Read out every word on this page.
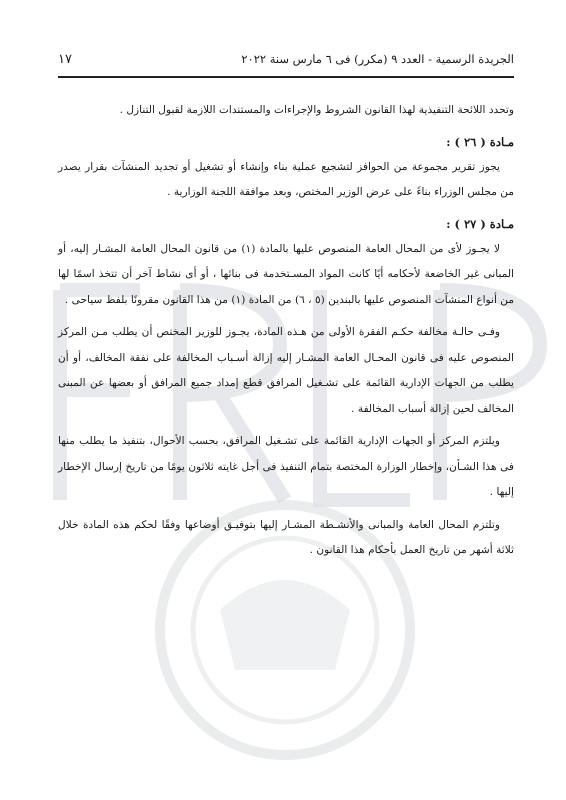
الجريدة الرسمية - العدد ٩ (مكرر) فى ٦ مارس سنة ٢٠٢٢
١٧

وتحدد اللائحة التنفيذية لهذا القانون الشروط والإجراءات والمستندات اللازمة لقبول التنازل .

مـادة ( ٢٦ ) :

يجوز تقرير مجموعة من الحوافز لتشجيع عملية بناء وإنشاء أو تشغيل أو تجديد المنشآت بقرار يصدر من مجلس الوزراء بناءً على عرض الوزير المختص، وبعد موافقة اللجنة الوزارية .

مـادة ( ٢٧ ) :

لا يجـوز لأى من المحال العامة المنصوص عليها بالمادة (١) من قانون المحال العامة المشـار إليه، أو المبانى غير الخاضعة لأحكامه أيًا كانت المواد المسـتخدمة فى بنائها ، أو أى نشاط آخر أن تتخذ اسمًا لها من أنواع المنشآت المنصوص عليها بالبندين (٥ ، ٦) من المادة (١) من هذا القانون مقرونًا بلفظ سياحى .

وفـى حالـة مخالفة حكـم الفقرة الأولى من هـذه المادة، يجـوز للوزير المختص أن يطلب مـن المركز المنصوص عليه فى قانون المحـال العامة المشـار إليه إزالة أسـباب المخالفة على نفقة المخالف، أو أن يطلب من الجهات الإدارية القائمة على تشـغيل المرافق قطع إمداد جميع المرافق أو بعضها عن المبنى المخالف لحين إزالة أسباب المخالفة .

ويلتزم المركز أو الجهات الإدارية القائمة على تشـغيل المرافق، بحسب الأحوال، بتنفيذ ما يطلب منها فى هذا الشـأن، وإخطار الوزارة المختصة بتمام التنفيذ فى أجل غايته ثلاثون يومًا من تاريخ إرسال الإخطار إليها .

وتلتزم المحال العامة والمبانى والأنشـطة المشـار إليها بتوفيـق أوضاعها وفقًا لحكم هذه المادة خلال ثلاثة أشهر من تاريخ العمل بأحكام هذا القانون .
